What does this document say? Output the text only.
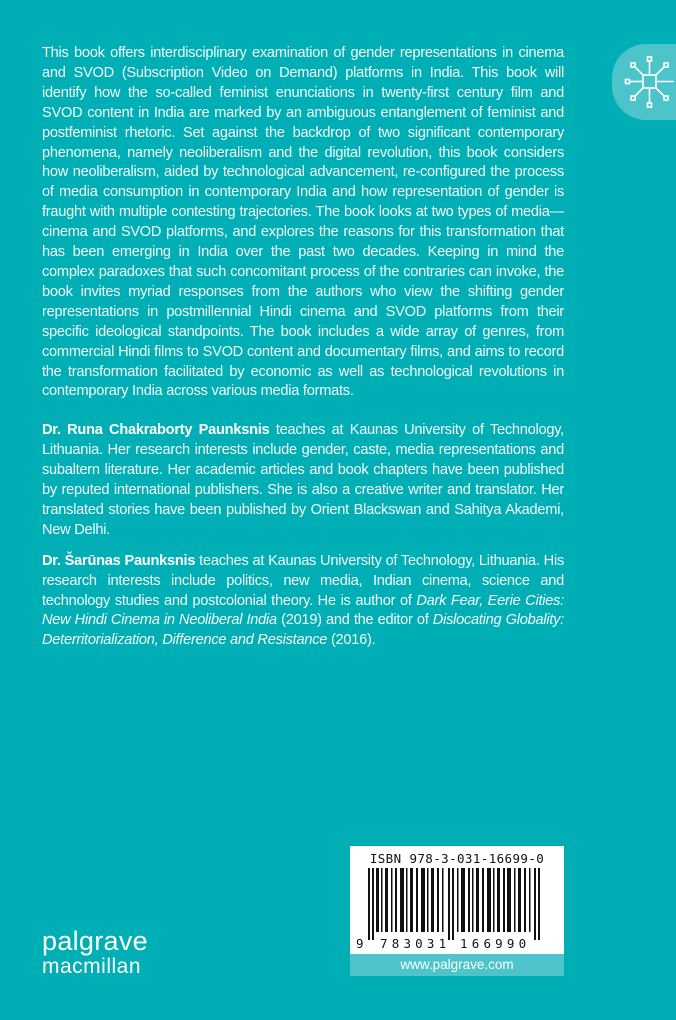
This book offers interdisciplinary examination of gender representations in cinema and SVOD (Subscription Video on Demand) platforms in India. This book will identify how the so-called feminist enunciations in twenty-first century film and SVOD content in India are marked by an ambiguous entanglement of feminist and postfeminist rhetoric. Set against the backdrop of two significant contemporary phenomena, namely neoliberalism and the digital revolution, this book considers how neoliberalism, aided by technological advancement, re-configured the process of media consumption in contemporary India and how representation of gender is fraught with multiple contesting trajectories. The book looks at two types of media—cinema and SVOD platforms, and explores the reasons for this transformation that has been emerging in India over the past two decades. Keeping in mind the complex paradoxes that such concomitant process of the contraries can invoke, the book invites myriad responses from the authors who view the shifting gender representations in postmillennial Hindi cinema and SVOD platforms from their specific ideological standpoints. The book includes a wide array of genres, from commercial Hindi films to SVOD content and documentary films, and aims to record the transformation facilitated by economic as well as technological revolutions in contemporary India across various media formats.

Dr. Runa Chakraborty Paunksnis teaches at Kaunas University of Technology, Lithuania. Her research interests include gender, caste, media representations and subaltern literature. Her academic articles and book chapters have been published by reputed international publishers. She is also a creative writer and translator. Her translated stories have been published by Orient Blackswan and Sahitya Akademi, New Delhi.

Dr. Šarūnas Paunksnis teaches at Kaunas University of Technology, Lithuania. His research interests include politics, new media, Indian cinema, science and technology studies and postcolonial theory. He is author of Dark Fear, Eerie Cities: New Hindi Cinema in Neoliberal India (2019) and the editor of Dislocating Globality: Deterritorialization, Difference and Resistance (2016).

palgrave
macmillan
ISBN 978-3-031-16699-0
9 783031 166990
www.palgrave.com
